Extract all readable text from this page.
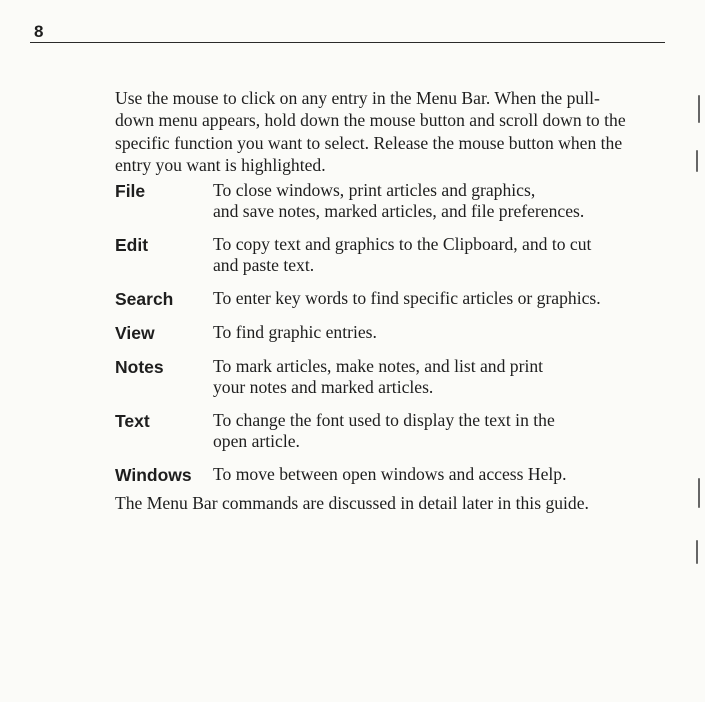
8

Use the mouse to click on any entry in the Menu Bar. When the pull-
down menu appears, hold down the mouse button and scroll down to the
specific function you want to select. Release the mouse button when the
entry you want is highlighted.

File	To close windows, print articles and graphics,
and save notes, marked articles, and file preferences.
Edit	To copy text and graphics to the Clipboard, and to cut
and paste text.
Search	To enter key words to find specific articles or graphics.
View	To find graphic entries.
Notes	To mark articles, make notes, and list and print
your notes and marked articles.
Text	To change the font used to display the text in the
open article.
Windows	To move between open windows and access Help.

The Menu Bar commands are discussed in detail later in this guide.
